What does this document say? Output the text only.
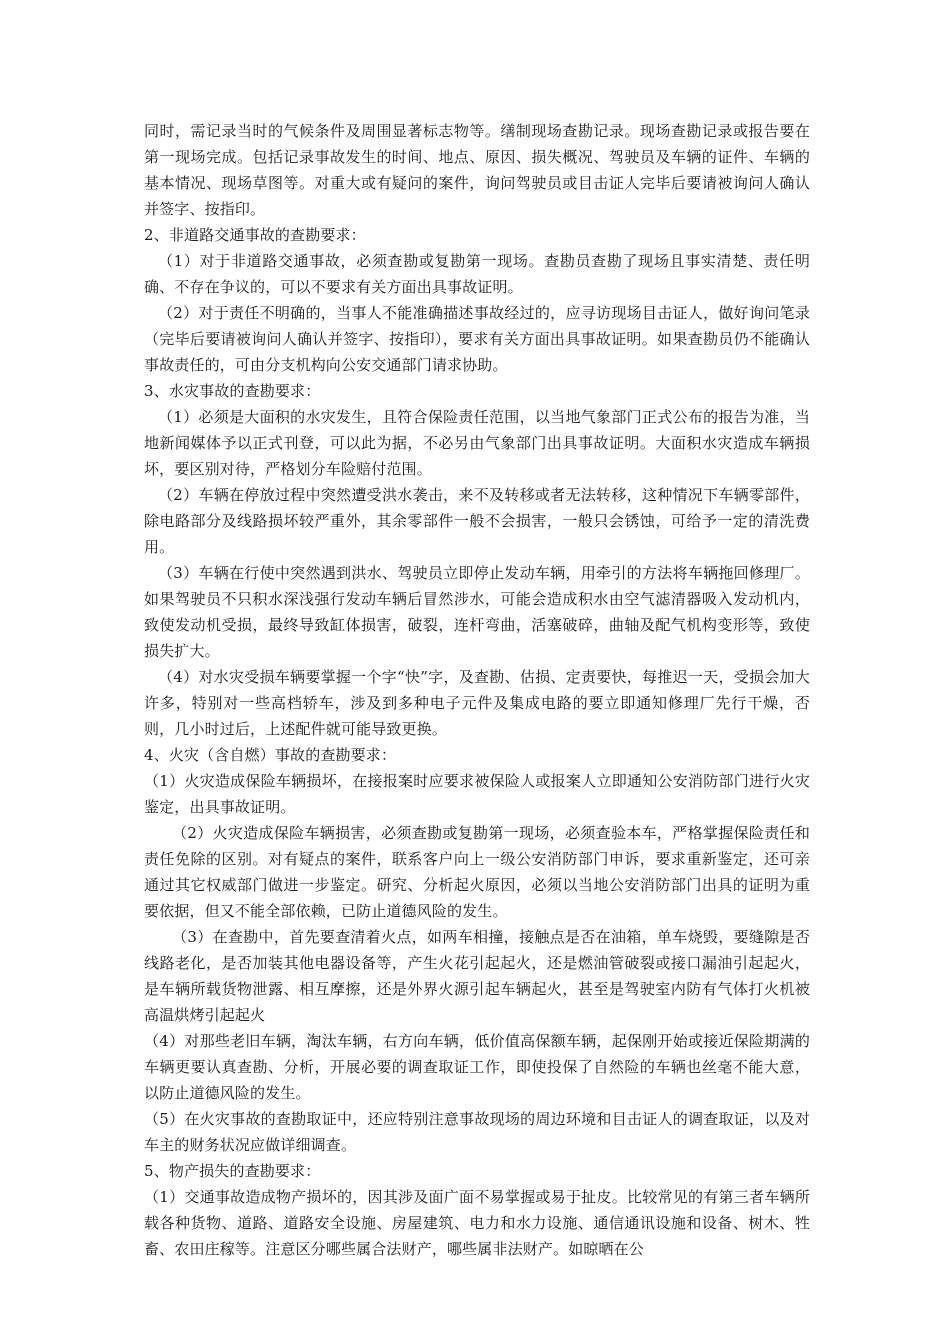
同时，需记录当时的气候条件及周围显著标志物等。缮制现场查勘记录。现场查勘记录或报告要在第一现场完成。包括记录事故发生的时间、地点、原因、损失概况、驾驶员及车辆的证件、车辆的基本情况、现场草图等。对重大或有疑问的案件，询问驾驶员或目击证人完毕后要请被询问人确认并签字、按指印。

2、非道路交通事故的查勘要求：

（1）对于非道路交通事故，必须查勘或复勘第一现场。查勘员查勘了现场且事实清楚、责任明确、不存在争议的，可以不要求有关方面出具事故证明。

（2）对于责任不明确的，当事人不能准确描述事故经过的，应寻访现场目击证人，做好询问笔录（完毕后要请被询问人确认并签字、按指印），要求有关方面出具事故证明。如果查勘员仍不能确认事故责任的，可由分支机构向公安交通部门请求协助。

3、水灾事故的查勘要求：

（1）必须是大面积的水灾发生，且符合保险责任范围，以当地气象部门正式公布的报告为准，当地新闻媒体予以正式刊登，可以此为据，不必另由气象部门出具事故证明。大面积水灾造成车辆损坏，要区别对待，严格划分车险赔付范围。

（2）车辆在停放过程中突然遭受洪水袭击，来不及转移或者无法转移，这种情况下车辆零部件，除电路部分及线路损坏较严重外，其余零部件一般不会损害，一般只会锈蚀，可给予一定的清洗费用。

（3）车辆在行使中突然遇到洪水、驾驶员立即停止发动车辆，用牵引的方法将车辆拖回修理厂。如果驾驶员不只积水深浅强行发动车辆后冒然涉水，可能会造成积水由空气滤清器吸入发动机内，致使发动机受损，最终导致缸体损害，破裂，连杆弯曲，活塞破碎，曲轴及配气机构变形等，致使损失扩大。

（4）对水灾受损车辆要掌握一个字“快”字，及查勘、估损、定责要快，每推迟一天，受损会加大许多，特别对一些高档轿车，涉及到多种电子元件及集成电路的要立即通知修理厂先行干燥，否则，几小时过后，上述配件就可能导致更换。

4、火灾（含自燃）事故的查勘要求：

（1）火灾造成保险车辆损坏，在接报案时应要求被保险人或报案人立即通知公安消防部门进行火灾鉴定，出具事故证明。

（2）火灾造成保险车辆损害，必须查勘或复勘第一现场，必须查验本车，严格掌握保险责任和责任免除的区别。对有疑点的案件，联系客户向上一级公安消防部门申诉，要求重新鉴定，还可亲通过其它权威部门做进一步鉴定。研究、分析起火原因，必须以当地公安消防部门出具的证明为重要依据，但又不能全部依赖，已防止道德风险的发生。

（3）在查勘中，首先要查清着火点，如两车相撞，接触点是否在油箱，单车烧毁，要缝隙是否线路老化，是否加装其他电器设备等，产生火花引起起火，还是燃油管破裂或接口漏油引起起火，是车辆所载货物泄露、相互摩擦，还是外界火源引起车辆起火，甚至是驾驶室内防有气体打火机被高温烘烤引起起火

（4）对那些老旧车辆，淘汰车辆，右方向车辆，低价值高保额车辆，起保刚开始或接近保险期满的车辆更要认真查勘、分析，开展必要的调查取证工作，即使投保了自然险的车辆也丝毫不能大意，以防止道德风险的发生。

（5）在火灾事故的查勘取证中，还应特别注意事故现场的周边环境和目击证人的调查取证，以及对车主的财务状况应做详细调查。

5、物产损失的查勘要求：

（1）交通事故造成物产损坏的，因其涉及面广面不易掌握或易于扯皮。比较常见的有第三者车辆所载各种货物、道路、道路安全设施、房屋建筑、电力和水力设施、通信通讯设施和设备、树木、牲畜、农田庄稼等。注意区分哪些属合法财产，哪些属非法财产。如晾晒在公
